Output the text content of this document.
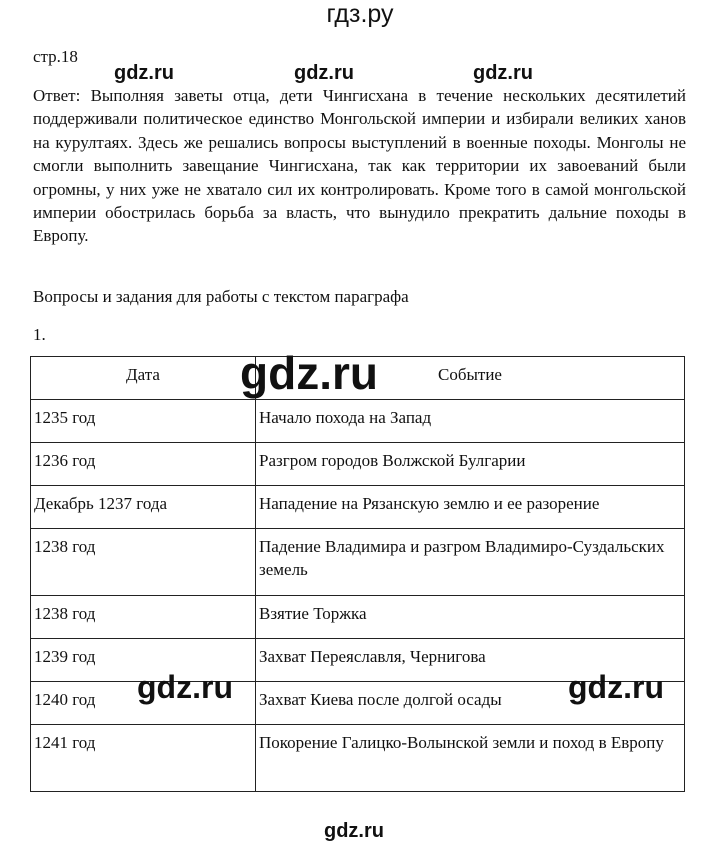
гдз.ру
стр.18
Ответ: Выполняя заветы отца, дети Чингисхана в течение нескольких десятилетий поддерживали политическое единство Монгольской империи и избирали великих ханов на курултаях. Здесь же решались вопросы выступлений в военные походы. Монголы не смогли выполнить завещание Чингисхана, так как территории их завоеваний были огромны, у них уже не хватало сил их контролировать. Кроме того в самой монгольской империи обострилась борьба за власть, что вынудило прекратить дальние походы в Европу.
Вопросы и задания для работы с текстом параграфа
1.
Дата	Событие
1235 год	Начало похода на Запад
1236 год	Разгром городов Волжской Булгарии
Декабрь 1237 года	Нападение на Рязанскую землю и ее разорение
1238 год	Падение Владимира и разгром Владимиро-Суздальских земель
1238 год	Взятие Торжка
1239 год	Захват Переяславля, Чернигова
1240 год	Захват Киева после долгой осады
1241 год	Покорение Галицко-Волынской земли и поход в Европу
gdz.ru	gdz.ru	gdz.ru
gdz.ru
gdz.ru	gdz.ru
gdz.ru
